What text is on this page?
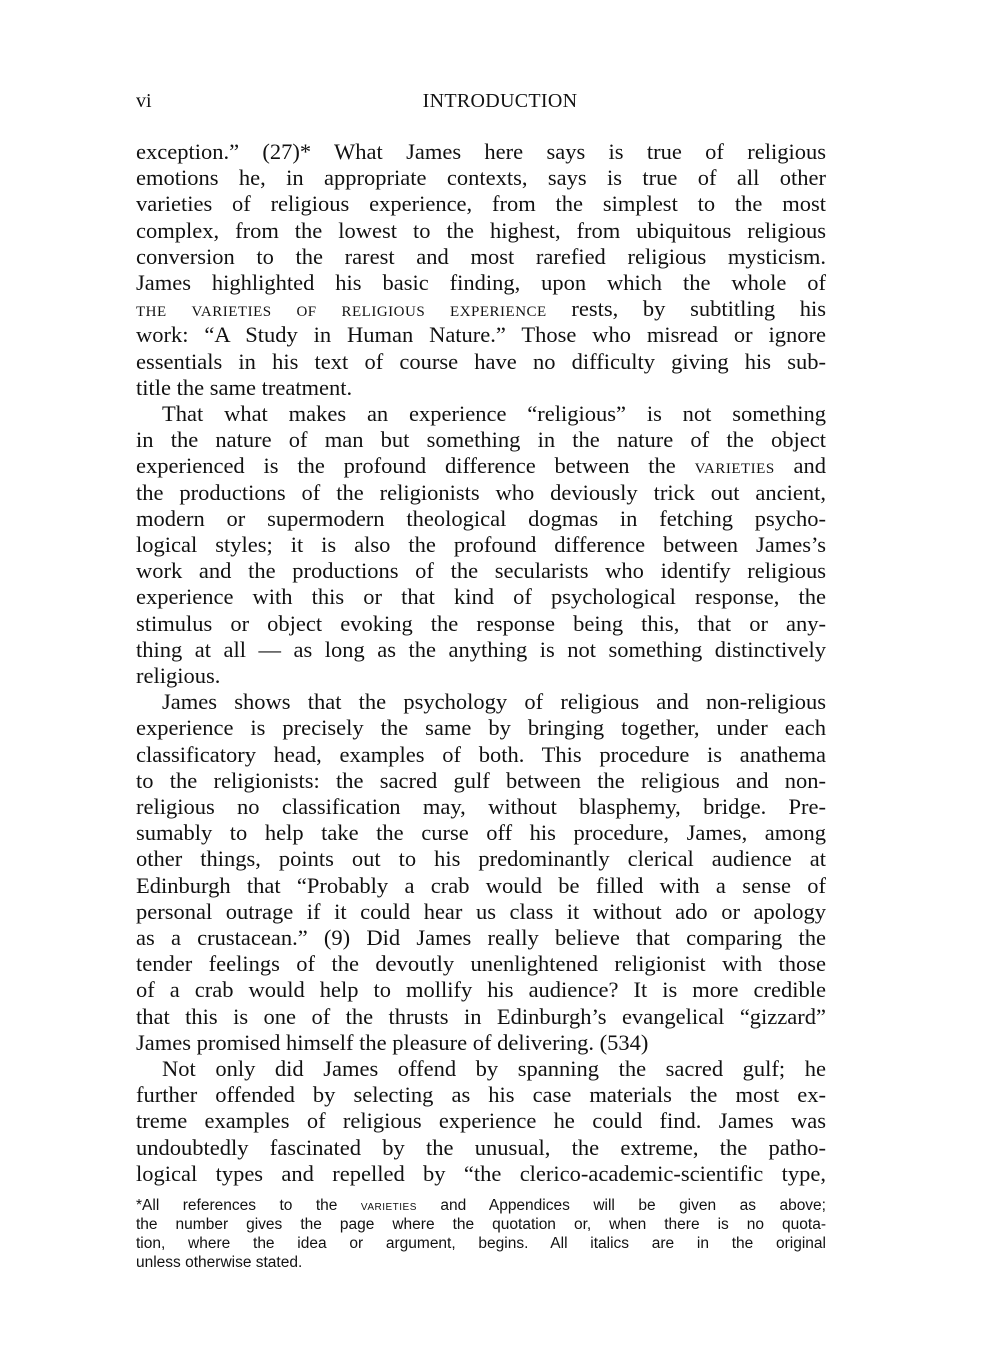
vi	INTRODUCTION
exception.” (27)* What James here says is true of religious
emotions he, in appropriate contexts, says is true of all other
varieties of religious experience, from the simplest to the most
complex, from the lowest to the highest, from ubiquitous religious
conversion to the rarest and most rarefied religious mysticism.
James highlighted his basic finding, upon which the whole of
the varieties of religious experience rests, by subtitling his
work: “A Study in Human Nature.” Those who misread or ignore
essentials in his text of course have no difficulty giving his sub-
title the same treatment.
That what makes an experience “religious” is not something
in the nature of man but something in the nature of the object
experienced is the profound difference between the varieties and
the productions of the religionists who deviously trick out ancient,
modern or supermodern theological dogmas in fetching psycho-
logical styles; it is also the profound difference between James’s
work and the productions of the secularists who identify religious
experience with this or that kind of psychological response, the
stimulus or object evoking the response being this, that or any-
thing at all — as long as the anything is not something distinctively
religious.
James shows that the psychology of religious and non-religious
experience is precisely the same by bringing together, under each
classificatory head, examples of both. This procedure is anathema
to the religionists: the sacred gulf between the religious and non-
religious no classification may, without blasphemy, bridge. Pre-
sumably to help take the curse off his procedure, James, among
other things, points out to his predominantly clerical audience at
Edinburgh that “Probably a crab would be filled with a sense of
personal outrage if it could hear us class it without ado or apology
as a crustacean.” (9) Did James really believe that comparing the
tender feelings of the devoutly unenlightened religionist with those
of a crab would help to mollify his audience? It is more credible
that this is one of the thrusts in Edinburgh’s evangelical “gizzard”
James promised himself the pleasure of delivering. (534)
Not only did James offend by spanning the sacred gulf; he
further offended by selecting as his case materials the most ex-
treme examples of religious experience he could find. James was
undoubtedly fascinated by the unusual, the extreme, the patho-
logical types and repelled by “the clerico-academic-scientific type,
*All references to the varieties and Appendices will be given as above;
the number gives the page where the quotation or, when there is no quota-
tion, where the idea or argument, begins. All italics are in the original
unless otherwise stated.
